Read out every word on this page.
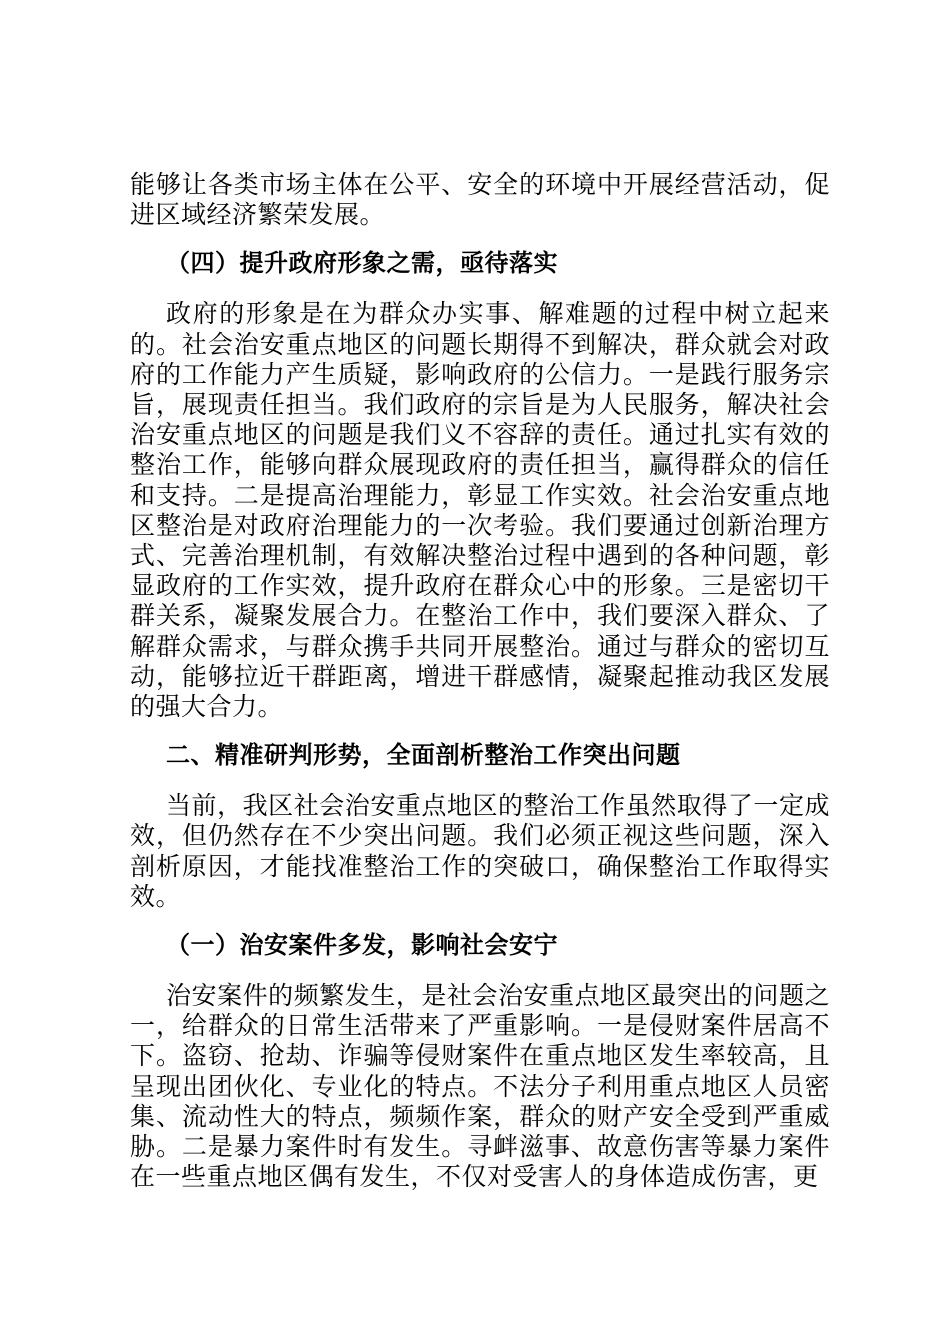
能够让各类市场主体在公平、安全的环境中开展经营活动，促进区域经济繁荣发展。

（四）提升政府形象之需，亟待落实

政府的形象是在为群众办实事、解难题的过程中树立起来的。社会治安重点地区的问题长期得不到解决，群众就会对政府的工作能力产生质疑，影响政府的公信力。一是践行服务宗旨，展现责任担当。我们政府的宗旨是为人民服务，解决社会治安重点地区的问题是我们义不容辞的责任。通过扎实有效的整治工作，能够向群众展现政府的责任担当，赢得群众的信任和支持。二是提高治理能力，彰显工作实效。社会治安重点地区整治是对政府治理能力的一次考验。我们要通过创新治理方式、完善治理机制，有效解决整治过程中遇到的各种问题，彰显政府的工作实效，提升政府在群众心中的形象。三是密切干群关系，凝聚发展合力。在整治工作中，我们要深入群众、了解群众需求，与群众携手共同开展整治。通过与群众的密切互动，能够拉近干群距离，增进干群感情，凝聚起推动我区发展的强大合力。

二、精准研判形势，全面剖析整治工作突出问题

当前，我区社会治安重点地区的整治工作虽然取得了一定成效，但仍然存在不少突出问题。我们必须正视这些问题，深入剖析原因，才能找准整治工作的突破口，确保整治工作取得实效。

（一）治安案件多发，影响社会安宁

治安案件的频繁发生，是社会治安重点地区最突出的问题之一，给群众的日常生活带来了严重影响。一是侵财案件居高不下。盗窃、抢劫、诈骗等侵财案件在重点地区发生率较高，且呈现出团伙化、专业化的特点。不法分子利用重点地区人员密集、流动性大的特点，频频作案，群众的财产安全受到严重威胁。二是暴力案件时有发生。寻衅滋事、故意伤害等暴力案件在一些重点地区偶有发生，不仅对受害人的身体造成伤害，更
